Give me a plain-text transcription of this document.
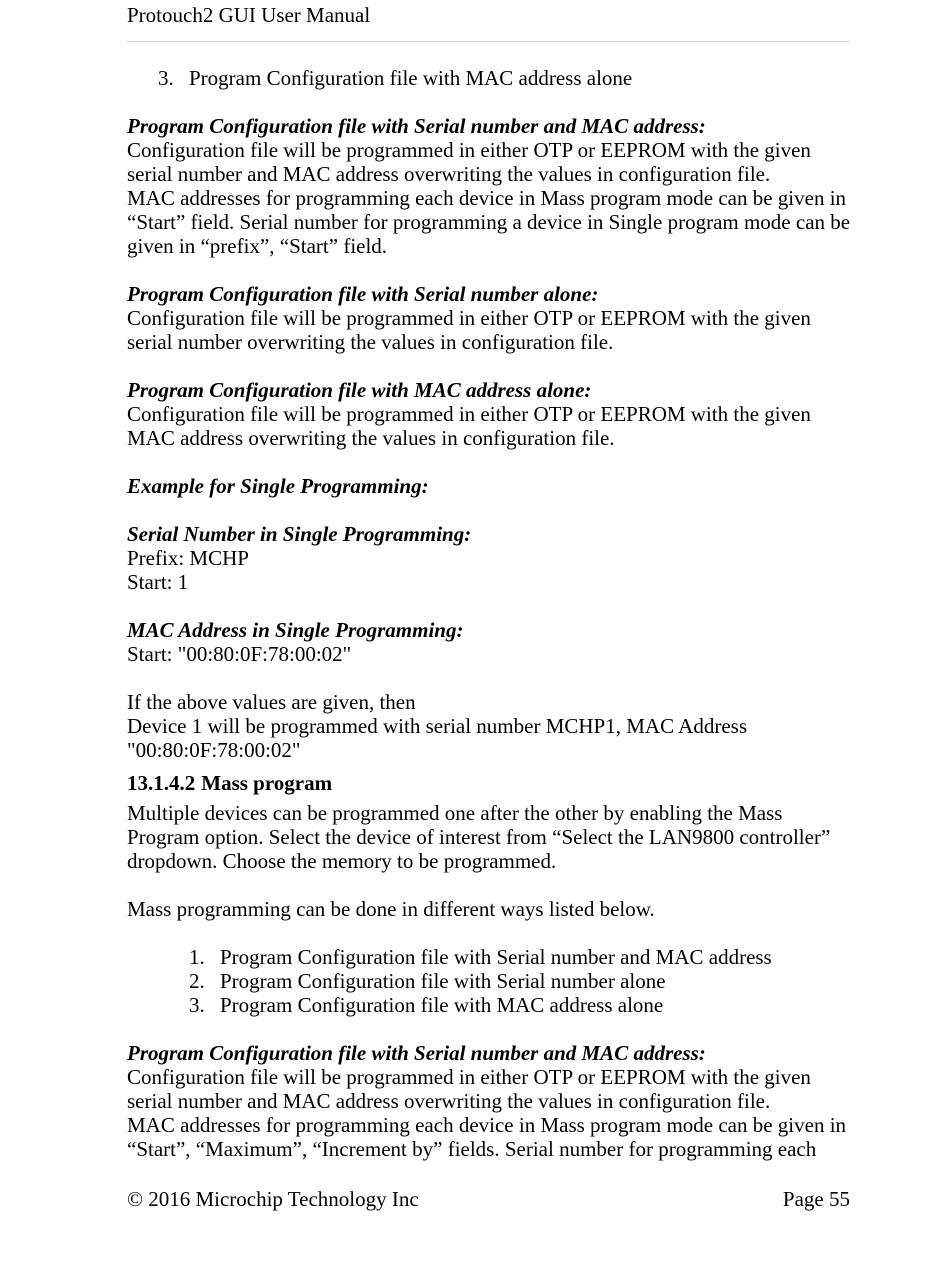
Protouch2 GUI User Manual

3. Program Configuration file with MAC address alone

Program Configuration file with Serial number and MAC address:

Configuration file will be programmed in either OTP or EEPROM with the given

serial number and MAC address overwriting the values in configuration file.

MAC addresses for programming each device in Mass program mode can be given in

“Start” field. Serial number for programming a device in Single program mode can be

given in “prefix”, “Start” field.

Program Configuration file with Serial number alone:

Configuration file will be programmed in either OTP or EEPROM with the given

serial number overwriting the values in configuration file.

Program Configuration file with MAC address alone:

Configuration file will be programmed in either OTP or EEPROM with the given

MAC address overwriting the values in configuration file.

Example for Single Programming:

Serial Number in Single Programming:

Prefix: MCHP

Start: 1

MAC Address in Single Programming:

Start: "00:80:0F:78:00:02"

If the above values are given, then

Device 1 will be programmed with serial number MCHP1, MAC Address

"00:80:0F:78:00:02"

13.1.4.2 Mass program

Multiple devices can be programmed one after the other by enabling the Mass

Program option. Select the device of interest from “Select the LAN9800 controller”

dropdown. Choose the memory to be programmed.

Mass programming can be done in different ways listed below.

1. Program Configuration file with Serial number and MAC address

2. Program Configuration file with Serial number alone

3. Program Configuration file with MAC address alone

Program Configuration file with Serial number and MAC address:

Configuration file will be programmed in either OTP or EEPROM with the given

serial number and MAC address overwriting the values in configuration file.

MAC addresses for programming each device in Mass program mode can be given in

“Start”, “Maximum”, “Increment by” fields. Serial number for programming each

© 2016 Microchip Technology Inc	Page 55
